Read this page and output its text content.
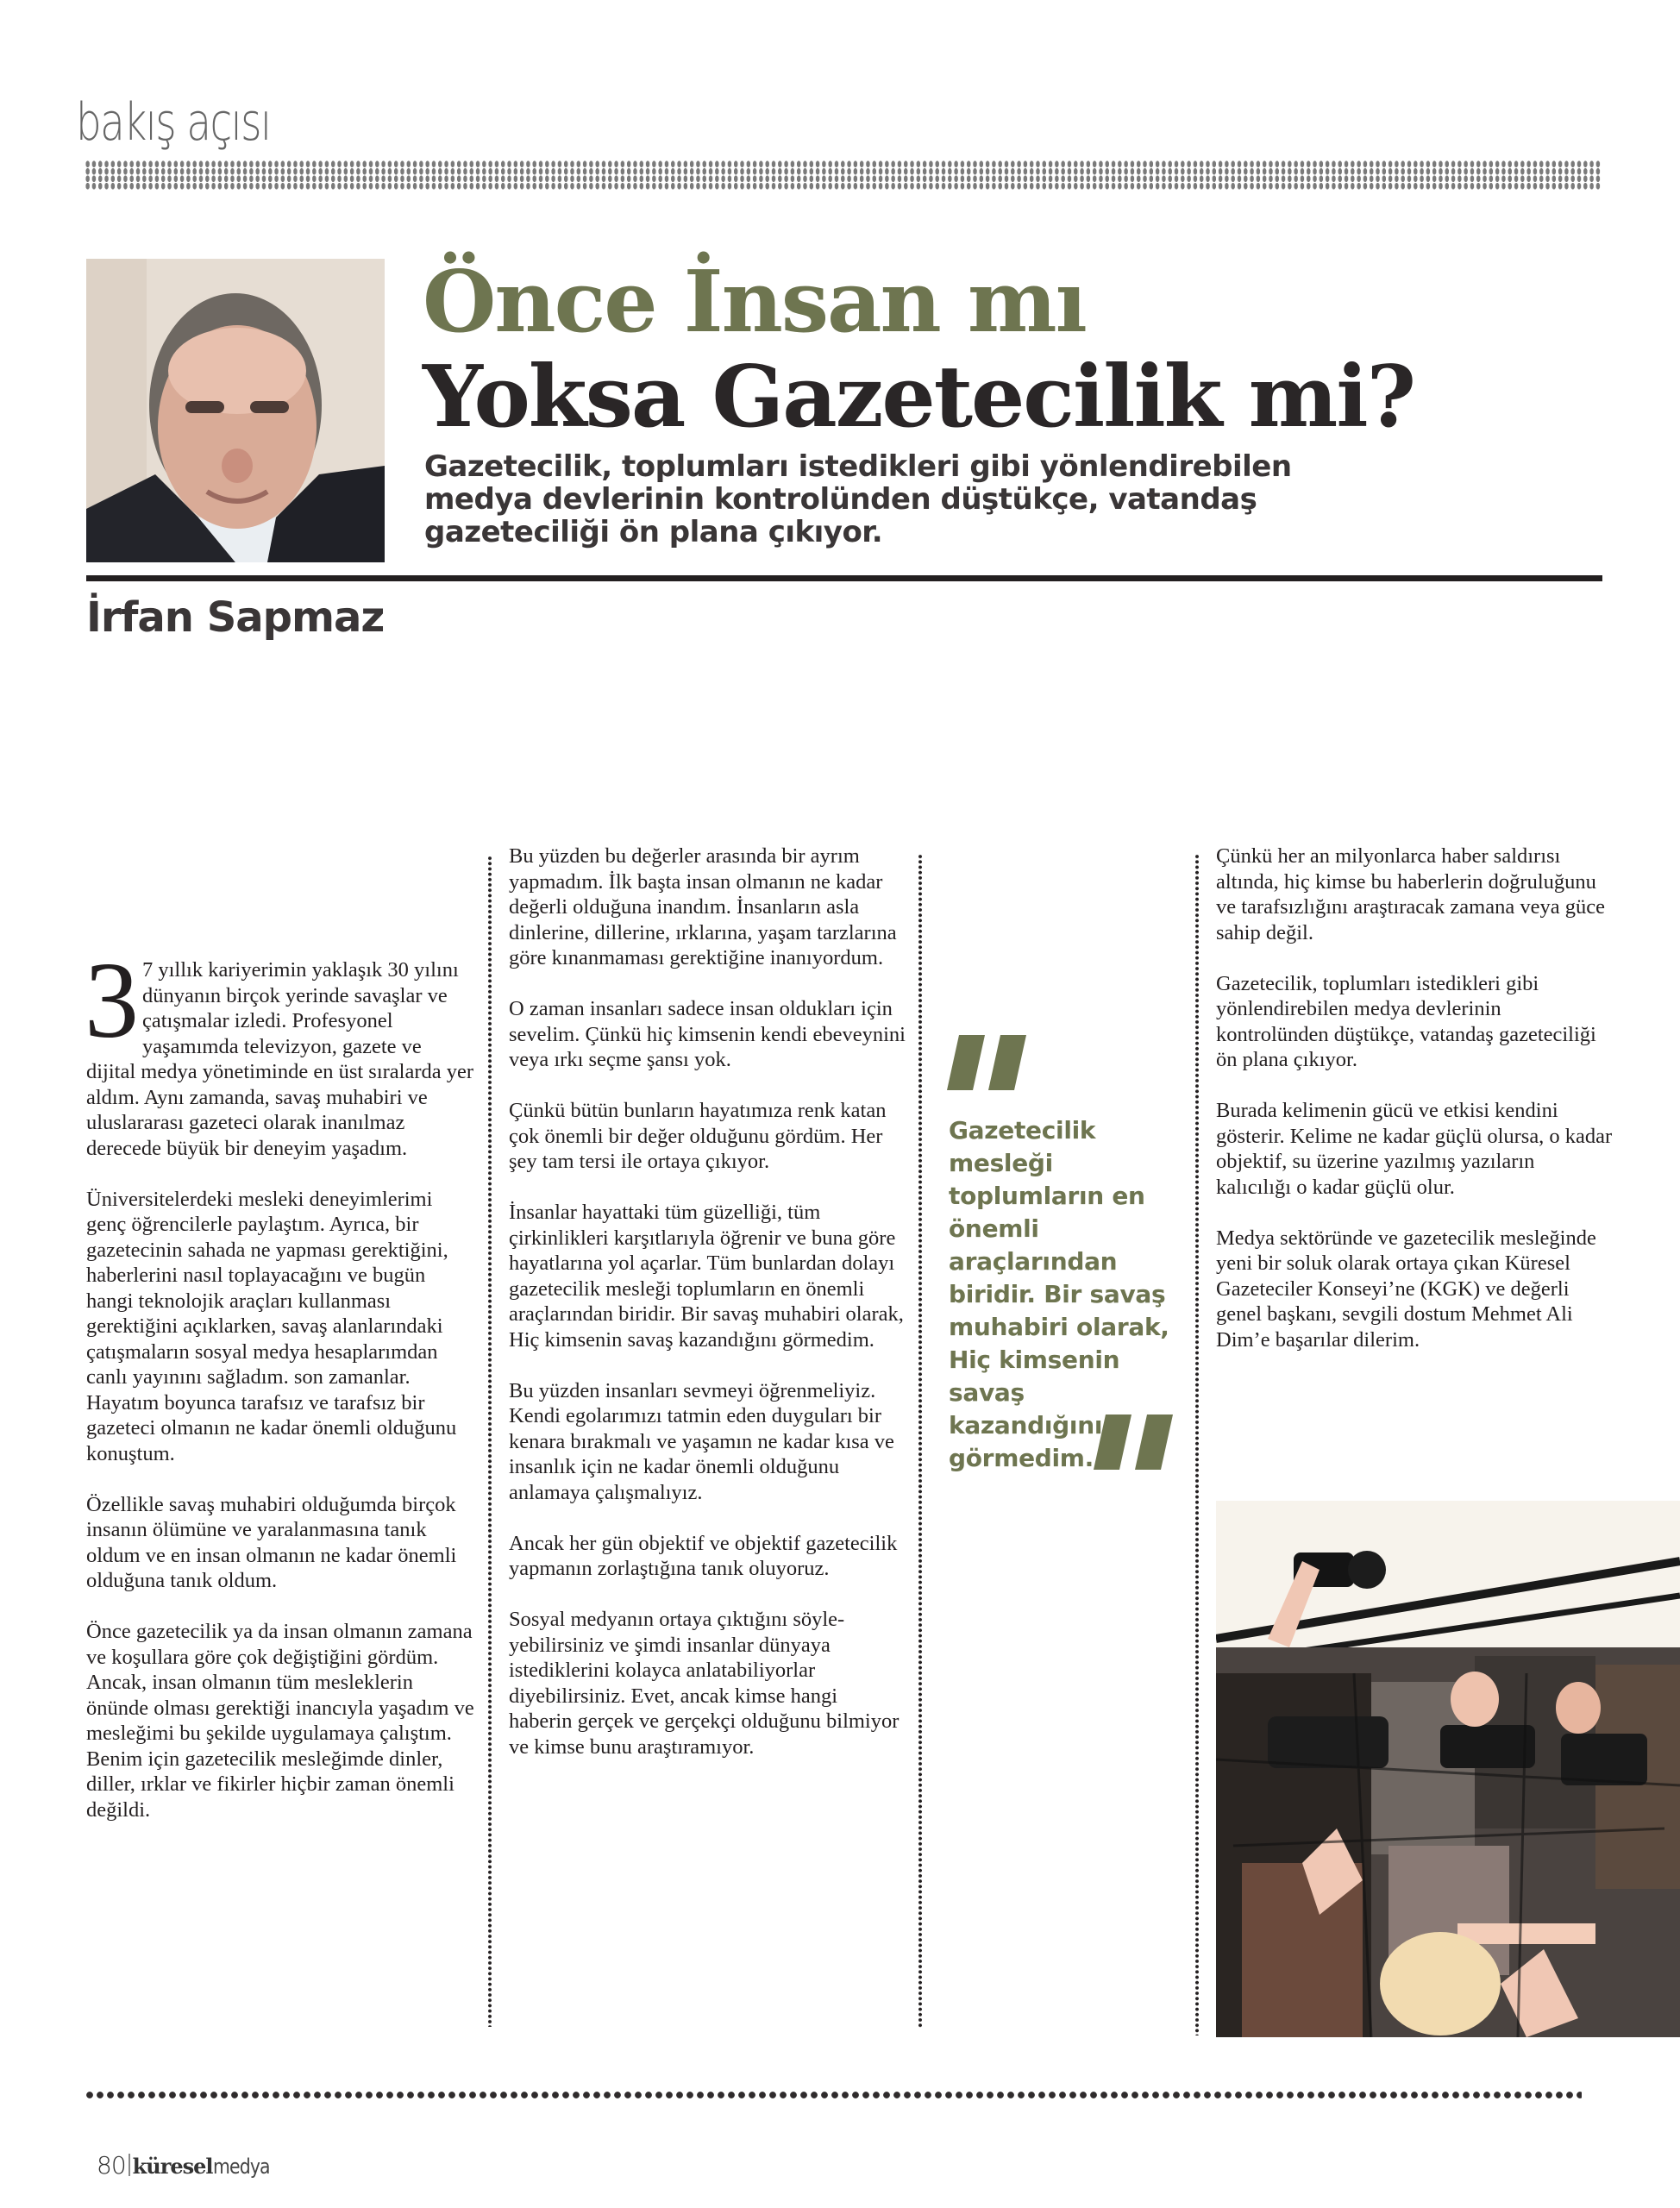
bakış açısı
Önce İnsan mı
Yoksa Gazetecilik mi?
Gazetecilik, toplumları istedikleri gibi yönlendirebilen medya devlerinin kontrolünden düştükçe, vatandaş gazeteciliği ön plana çıkıyor.
İrfan Sapmaz

3 7 yıllık kariyerimin yaklaşık 30 yılını dünyanın birçok yerinde savaşlar ve çatışmalar izledi. Profesyonel yaşamımda televizyon, gazete ve dijital medya yönetiminde en üst sıralarda yer aldım. Aynı zamanda, savaş muhabiri ve uluslararası gazeteci olarak inanılmaz derecede büyük bir deneyim yaşadım.

Üniversitelerdeki mesleki deneyimlerimi genç öğrencilerle paylaştım. Ayrıca, bir gazetecinin sahada ne yapması gerektiğini, haberlerini nasıl toplayacağını ve bugün hangi teknolojik araçları kullanması gerektiğini açıklarken, savaş alanlarındaki çatışmaların sosyal medya hesaplarımdan canlı yayınını sağladım. son zamanlar. Hayatım boyunca tarafsız ve tarafsız bir gazeteci olmanın ne kadar önemli olduğunu konuştum.

Özellikle savaş muhabiri olduğumda birçok insanın ölümüne ve yaralanmasına tanık oldum ve en insan olmanın ne kadar önemli olduğuna tanık oldum.

Önce gazetecilik ya da insan olmanın zamana ve koşullara göre çok değiştiğini gördüm. Ancak, insan olmanın tüm mesleklerin önünde olması gerektiği inancıyla yaşadım ve mesleğimi bu şekilde uygulamaya çalıştım. Benim için gazetecilik mesleğimde dinler, diller, ırklar ve fikirler hiçbir zaman önemli değildi.

Bu yüzden bu değerler arasında bir ayrım yapmadım. İlk başta insan olmanın ne kadar değerli olduğuna inandım. İnsanların asla dinlerine, dillerine, ırklarına, yaşam tarzlarına göre kınanmaması gerektiğine inanıyordum.

O zaman insanları sadece insan oldukları için sevelim. Çünkü hiç kimsenin kendi ebeveynini veya ırkı seçme şansı yok.

Çünkü bütün bunların hayatımıza renk katan çok önemli bir değer olduğunu gördüm. Her şey tam tersi ile ortaya çıkıyor.

İnsanlar hayattaki tüm güzelliği, tüm çirkinlikleri karşıtlarıyla öğrenir ve buna göre hayatlarına yol açarlar. Tüm bunlardan dolayı gazetecilik mesleği toplumların en önemli araçlarından biridir. Bir savaş muhabiri olarak, Hiç kimsenin savaş kazandığını görmedim.

Bu yüzden insanları sevmeyi öğrenmeliyiz. Kendi egolarımızı tatmin eden duyguları bir kenara bırakmalı ve yaşamın ne kadar kısa ve insanlık için ne kadar önemli olduğunu anlamaya çalışmalıyız.

Ancak her gün objektif ve objektif gazetecilik yapmanın zorlaştığına tanık oluyoruz.

Sosyal medyanın ortaya çıktığını söyleyebilirsiniz ve şimdi insanlar dünyaya istediklerini kolayca anlatabiliyorlar diyebilirsiniz. Evet, ancak kimse hangi haberin gerçek ve gerçekçi olduğunu bilmiyor ve kimse bunu araştıramıyor.

Gazetecilik mesleği toplumların en önemli araçlarından biridir. Bir savaş muhabiri olarak, Hiç kimsenin savaş kazandığını görmedim.

Çünkü her an milyonlarca haber saldırısı altında, hiç kimse bu haberlerin doğruluğunu ve tarafsızlığını araştıracak zamana veya güce sahip değil.

Gazetecilik, toplumları istedikleri gibi yönlendirebilen medya devlerinin kontrolünden düştükçe, vatandaş gazeteciliği ön plana çıkıyor.

Burada kelimenin gücü ve etkisi kendini gösterir. Kelime ne kadar güçlü olursa, o kadar objektif, su üzerine yazılmış yazıların kalıcılığı o kadar güçlü olur.

Medya sektöründe ve gazetecilik mesleğinde yeni bir soluk olarak ortaya çıkan Küresel Gazeteciler Konseyi’ne (KGK) ve değerli genel başkanı, sevgili dostum Mehmet Ali Dim’e başarılar dilerim.

80 küresel medya
